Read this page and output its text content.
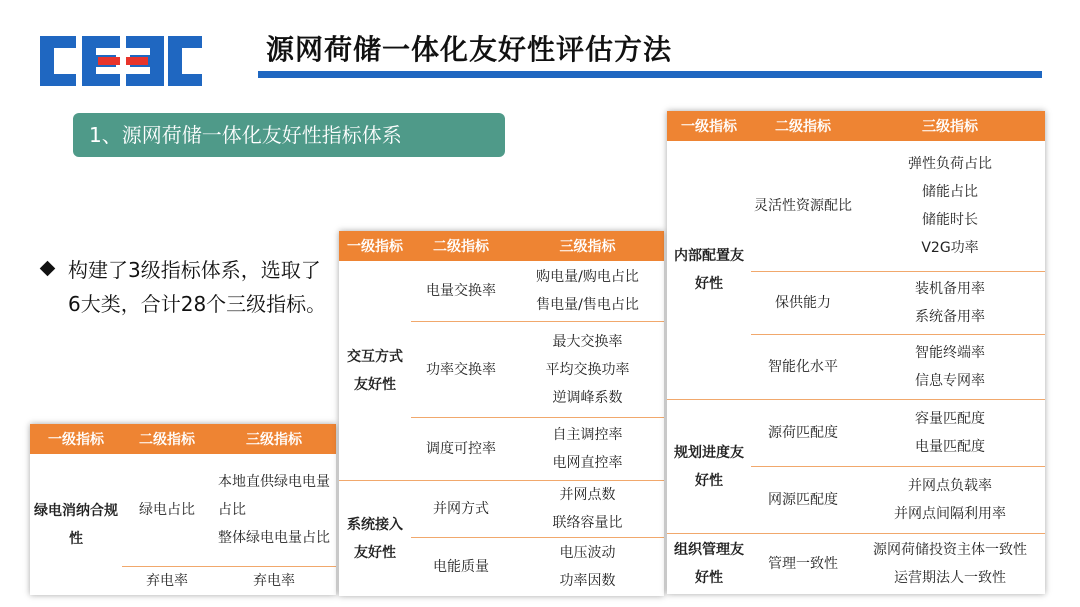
源网荷储一体化友好性评估方法
1、源网荷储一体化友好性指标体系
构建了3级指标体系，选取了6大类，合计28个三级指标。
一级指标	二级指标	三级指标
绿电消纳合规性	绿电占比	本地直供绿电电量占比
整体绿电电量占比

	弃电率	弃电率
一级指标	二级指标	三级指标
交互方式友好性	电量交换率	购电量/购电占比
售电量/售电占比

	功率交换率	最大交换率
平均交换功率
逆调峰系数

	调度可控率	自主调控率
电网直控率

系统接入友好性	并网方式	并网点数
联络容量比

	电能质量	电压波动
功率因数
一级指标	二级指标	三级指标
内部配置友好性	灵活性资源配比	弹性负荷占比
储能占比
储能时长
V2G功率

	保供能力	装机备用率
系统备用率

	智能化水平	智能终端率
信息专网率

规划进度友好性	源荷匹配度	容量匹配度
电量匹配度

	网源匹配度	并网点负载率
并网点间隔利用率

组织管理友好性	管理一致性	源网荷储投资主体一致性
运营期法人一致性
